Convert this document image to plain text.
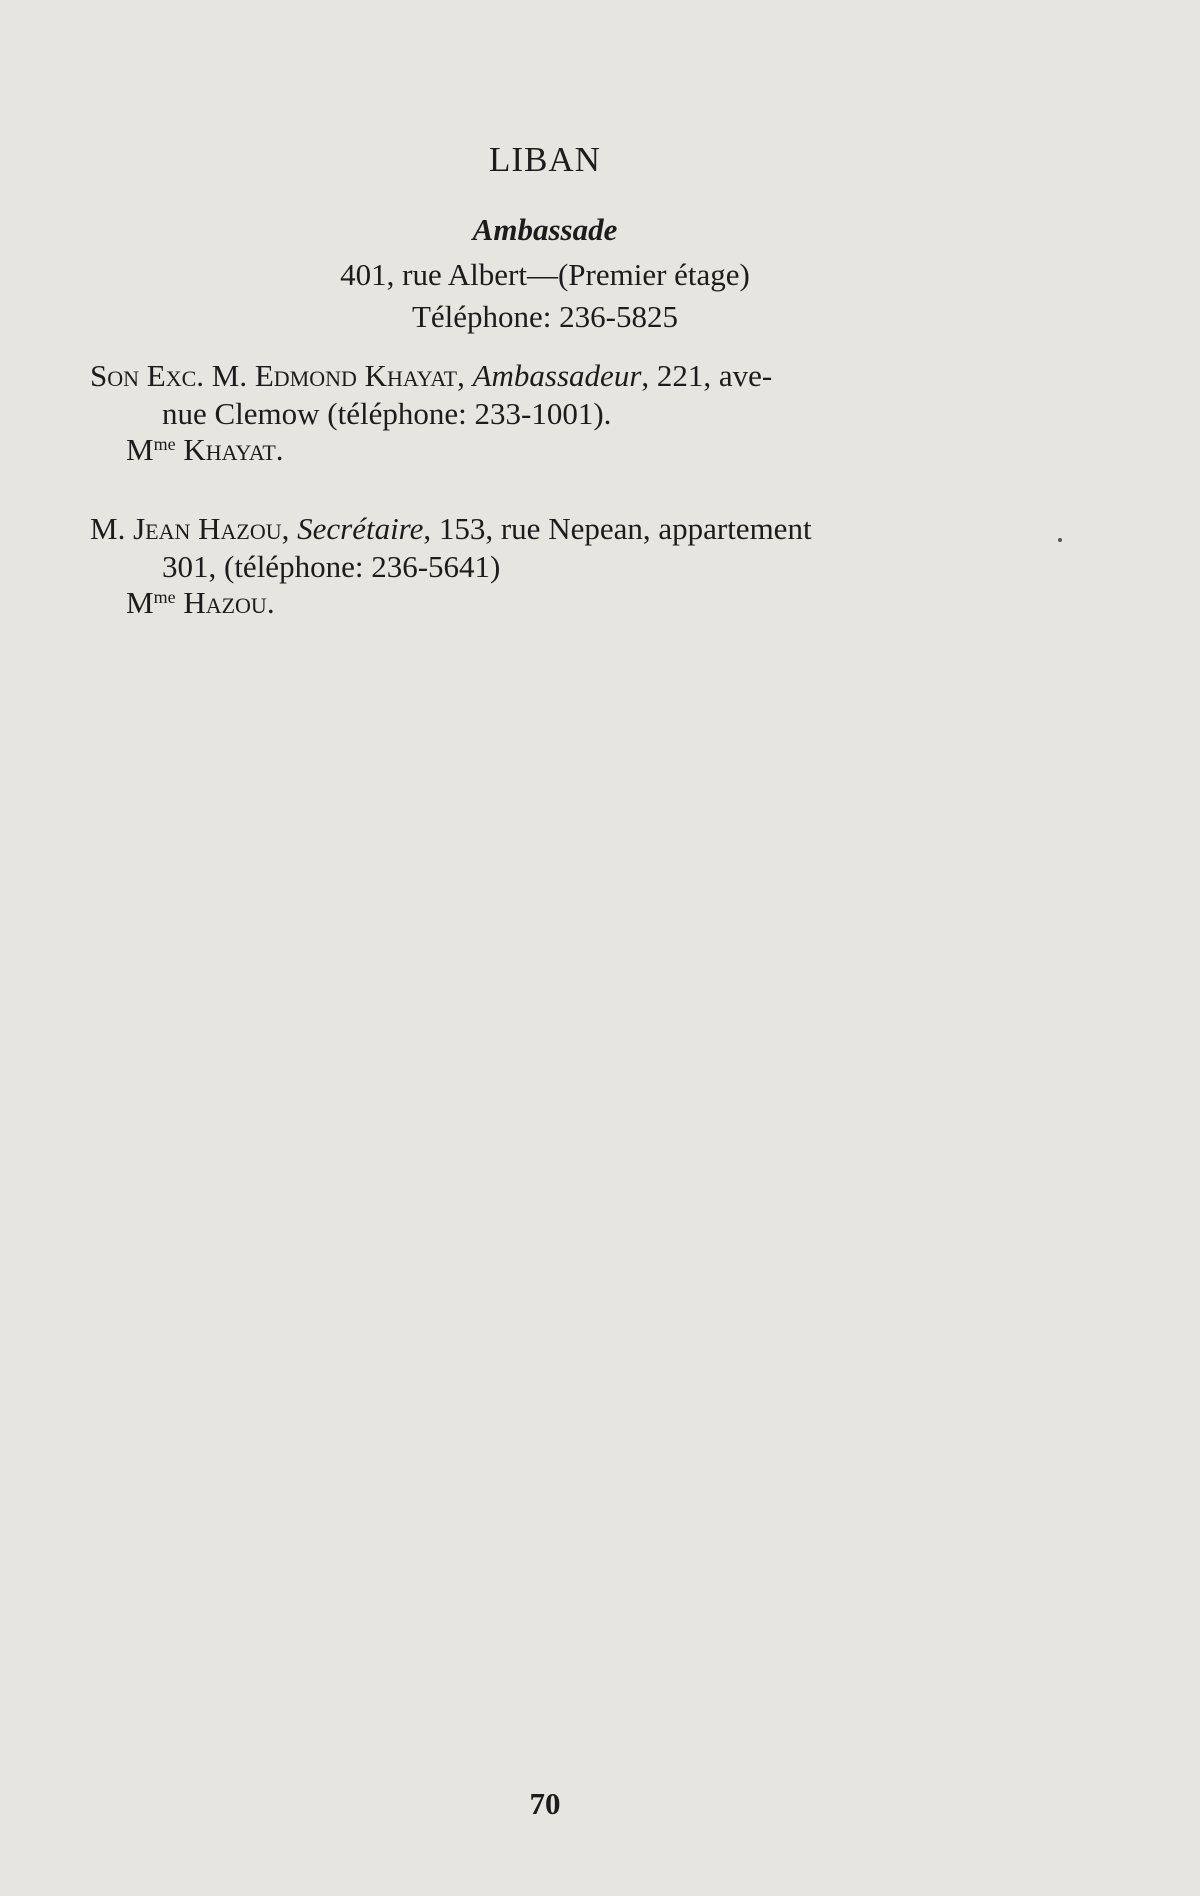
LIBAN
Ambassade
401, rue Albert—(Premier étage)
Téléphone: 236-5825
Son Exc. M. Edmond Khayat, Ambassadeur, 221, ave-
nue Clemow (téléphone: 233-1001).
$M^{me}$ Khayat.
M. Jean Hazou, Secrétaire, 153, rue Nepean, appartement
301, (téléphone: 236-5641)
$M^{me}$ Hazou.
70
